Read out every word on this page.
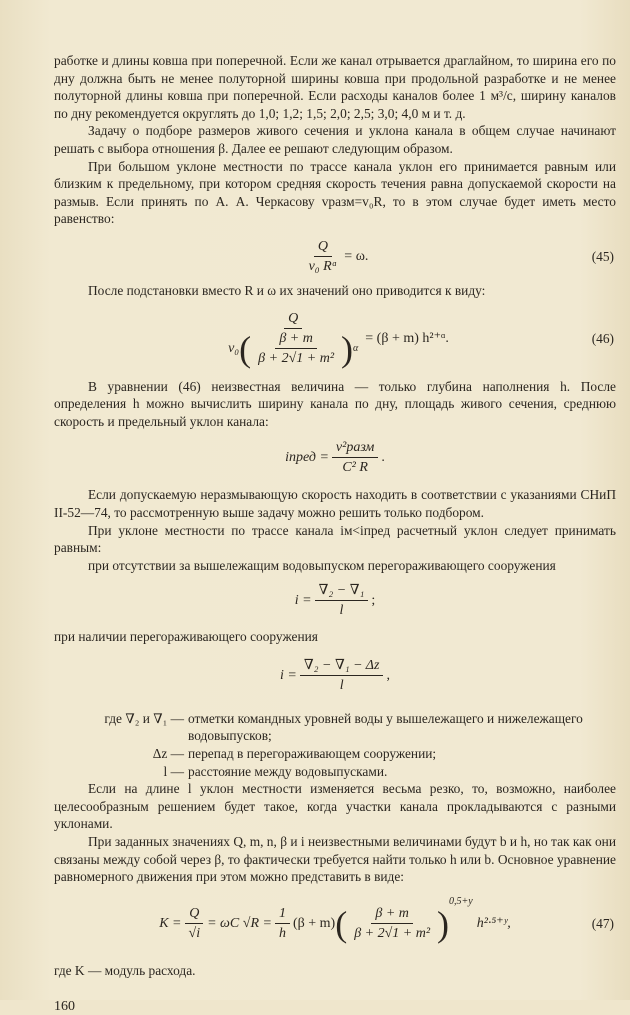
работке и длины ковша при поперечной. Если же канал отрывается драглайном, то ширина его по дну должна быть не менее полуторной ширины ковша при продольной разработке и не менее полуторной длины ковша при поперечной. Если расходы каналов более 1 м³/с, ширину каналов по дну рекомендуется округлять до 1,0; 1,2; 1,5; 2,0; 2,5; 3,0; 4,0 м и т. д.

Задачу о подборе размеров живого сечения и уклона канала в общем случае начинают решать с выбора отношения β. Далее ее решают следующим образом.

При большом уклоне местности по трассе канала уклон его принимается равным или близким к предельному, при котором средняя скорость течения равна допускаемой скорости на размыв. Если принять по А. А. Черкасову vразм=v₀R, то в этом случае будет иметь место равенство:

$\frac{Q}{\text{v₀ Rᵅ}} = \omega$.	(45)

После подстановки вместо R и ω их значений оно приводится к виду:

Q
v₀ ( $\frac{\beta + m}{\text{β + 2√1 + m²}}$ ) α
= (β + m) h²⁺ᵅ.	(46)

В уравнении (46) неизвестная величина — только глубина наполнения h. После определения h можно вычислить ширину канала по дну, площадь живого сечения, среднюю скорость и предельный уклон канала:

iпред = $\frac{\text{v²разм}}{\text{C² R}}$ .

Если допускаемую неразмывающую скорость находить в соответствии с указаниями СНиП II-52—74, то рассмотренную выше задачу можно решить только подбором.

При уклоне местности по трассе канала iм<iпред расчетный уклон следует принимать равным:

при отсутствии за вышележащим водовыпуском перегораживающего сооружения

$i = \frac{\text{∇₂ − ∇₁}}{l}$ ;

при наличии перегораживающего сооружения

$i = \frac{\text{∇₂ − ∇₁ − Δz}}{l}$ ,
где ∇₂ и ∇₁ — отметки командных уровней воды у вышележащего и нижележащего водовыпусков;
Δz — перепад в перегораживающем сооружении;
l — расстояние между водовыпусками.

Если на длине l уклон местности изменяется весьма резко, то, возможно, наиболее целесообразным решением будет такое, когда участки канала прокладываются с разными уклонами.

При заданных значениях Q, m, n, β и i неизвестными величинами будут b и h, но так как они связаны между собой через β, то фактически требуется найти только h или b. Основное уравнение равномерного движения при этом можно представить в виде:

$K = \frac{Q}{√i} = \omega C$ $√R = \frac{1}{h} (\beta + m)$ ( $\frac{\beta + m}{\text{β + 2√1 + m²}}$ )
$^{0,5+y}$
h²·⁵⁺ʸ,	(47)

где K — модуль расхода.

160
